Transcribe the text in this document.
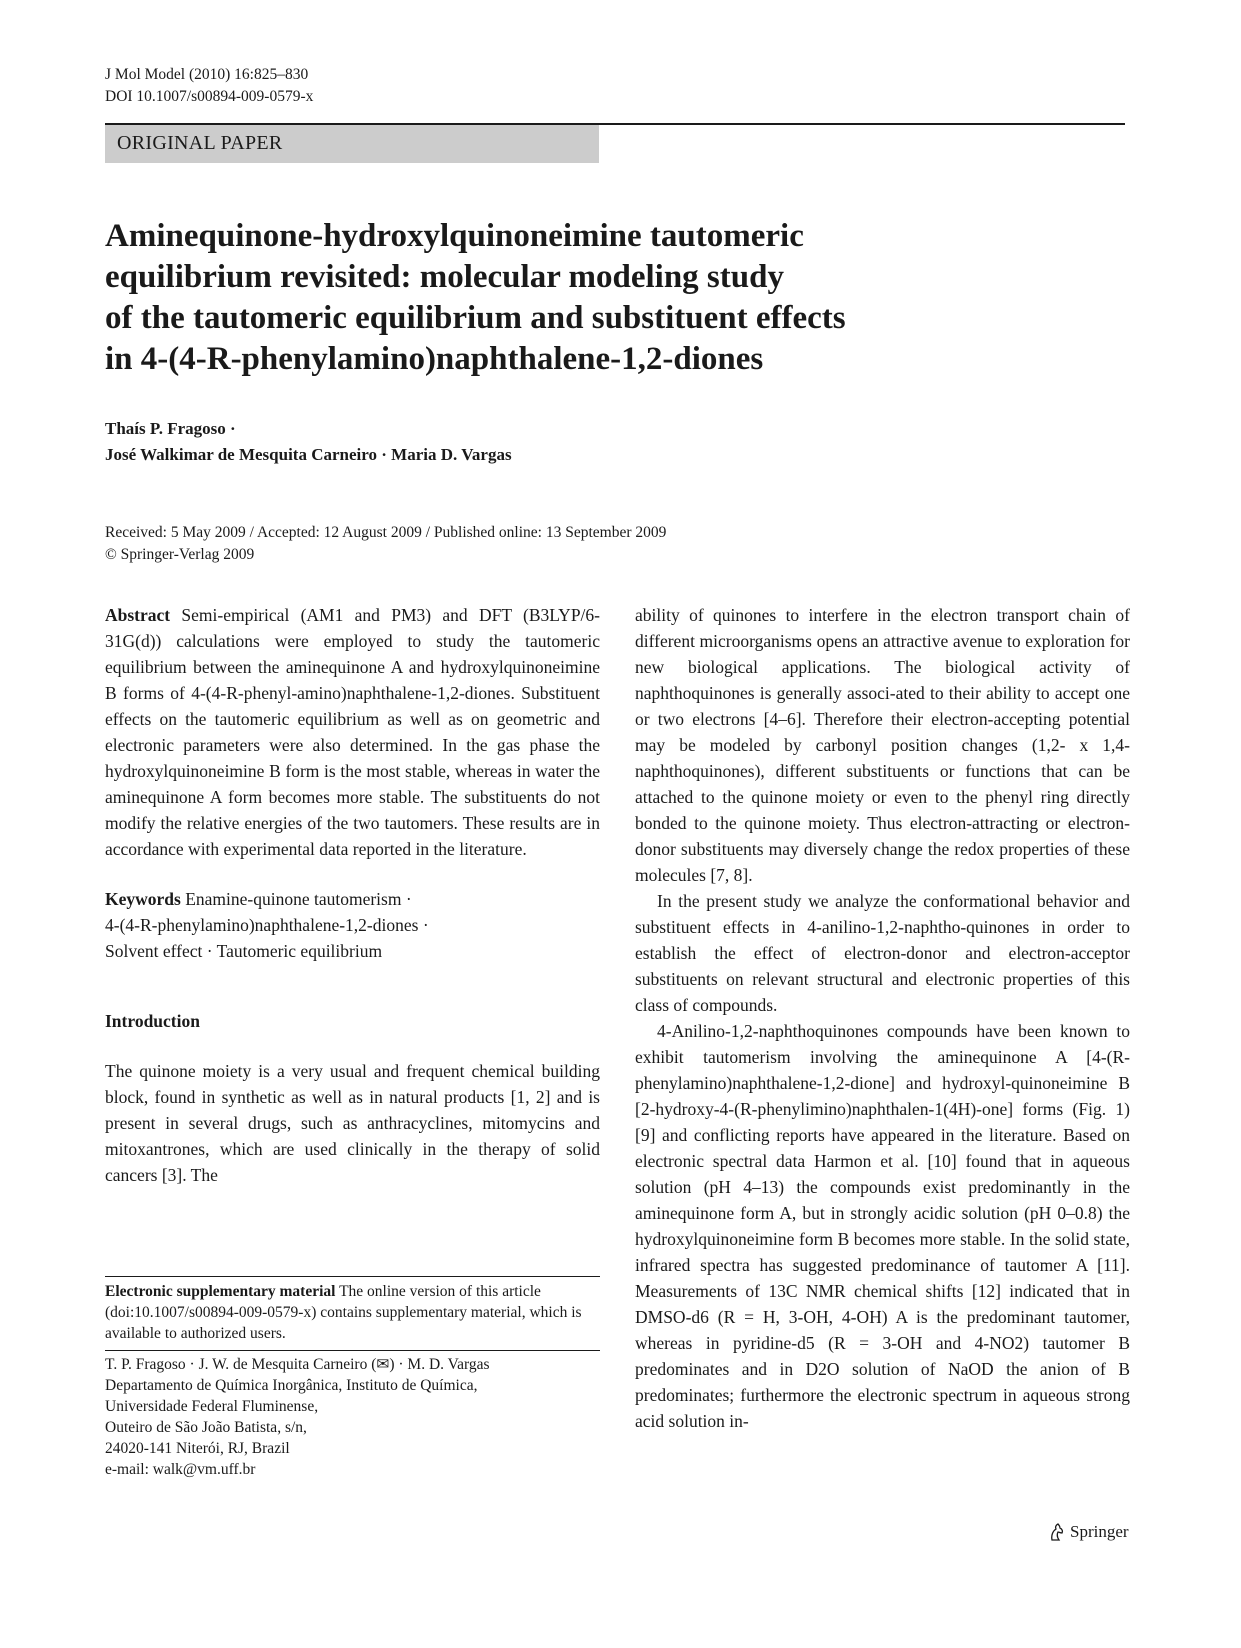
J Mol Model (2010) 16:825–830
DOI 10.1007/s00894-009-0579-x
ORIGINAL PAPER
Aminequinone-hydroxylquinoneimine tautomeric
equilibrium revisited: molecular modeling study
of the tautomeric equilibrium and substituent effects
in 4-(4-R-phenylamino)naphthalene-1,2-diones
Thaís P. Fragoso ·
José Walkimar de Mesquita Carneiro · Maria D. Vargas
Received: 5 May 2009 / Accepted: 12 August 2009 / Published online: 13 September 2009
© Springer-Verlag 2009

Abstract Semi-empirical (AM1 and PM3) and DFT (B3LYP/6-31G(d)) calculations were employed to study the tautomeric equilibrium between the aminequinone A and hydroxylquinoneimine B forms of 4-(4-R-phenyl-amino)naphthalene-1,2-diones. Substituent effects on the tautomeric equilibrium as well as on geometric and electronic parameters were also determined. In the gas phase the hydroxylquinoneimine B form is the most stable, whereas in water the aminequinone A form becomes more stable. The substituents do not modify the relative energies of the two tautomers. These results are in accordance with experimental data reported in the literature.

Keywords Enamine-quinone tautomerism ·
4-(4-R-phenylamino)naphthalene-1,2-diones ·
Solvent effect · Tautomeric equilibrium

Introduction

The quinone moiety is a very usual and frequent chemical building block, found in synthetic as well as in natural products [1, 2] and is present in several drugs, such as anthracyclines, mitomycins and mitoxantrones, which are used clinically in the therapy of solid cancers [3]. The

Electronic supplementary material The online version of this article (doi:10.1007/s00894-009-0579-x) contains supplementary material, which is available to authorized users.
T. P. Fragoso · J. W. de Mesquita Carneiro (✉) · M. D. Vargas
Departamento de Química Inorgânica, Instituto de Química,
Universidade Federal Fluminense,
Outeiro de São João Batista, s/n,
24020-141 Niterói, RJ, Brazil
e-mail: walk@vm.uff.br

ability of quinones to interfere in the electron transport chain of different microorganisms opens an attractive avenue to exploration for new biological applications. The biological activity of naphthoquinones is generally associ-ated to their ability to accept one or two electrons [4–6]. Therefore their electron-accepting potential may be modeled by carbonyl position changes (1,2- x 1,4- naphthoquinones), different substituents or functions that can be attached to the quinone moiety or even to the phenyl ring directly bonded to the quinone moiety. Thus electron-attracting or electron-donor substituents may diversely change the redox properties of these molecules [7, 8].

In the present study we analyze the conformational behavior and substituent effects in 4-anilino-1,2-naphtho-quinones in order to establish the effect of electron-donor and electron-acceptor substituents on relevant structural and electronic properties of this class of compounds.

4-Anilino-1,2-naphthoquinones compounds have been known to exhibit tautomerism involving the aminequinone A [4-(R-phenylamino)naphthalene-1,2-dione] and hydroxyl-quinoneimine B [2-hydroxy-4-(R-phenylimino)naphthalen-1(4H)-one] forms (Fig. 1) [9] and conflicting reports have appeared in the literature. Based on electronic spectral data Harmon et al. [10] found that in aqueous solution (pH 4–13) the compounds exist predominantly in the aminequinone form A, but in strongly acidic solution (pH 0–0.8) the hydroxylquinoneimine form B becomes more stable. In the solid state, infrared spectra has suggested predominance of tautomer A [11]. Measurements of 13C NMR chemical shifts [12] indicated that in DMSO-d6 (R = H, 3-OH, 4-OH) A is the predominant tautomer, whereas in pyridine-d5 (R = 3-OH and 4-NO2) tautomer B predominates and in D2O solution of NaOD the anion of B predominates; furthermore the electronic spectrum in aqueous strong acid solution in-

Springer
